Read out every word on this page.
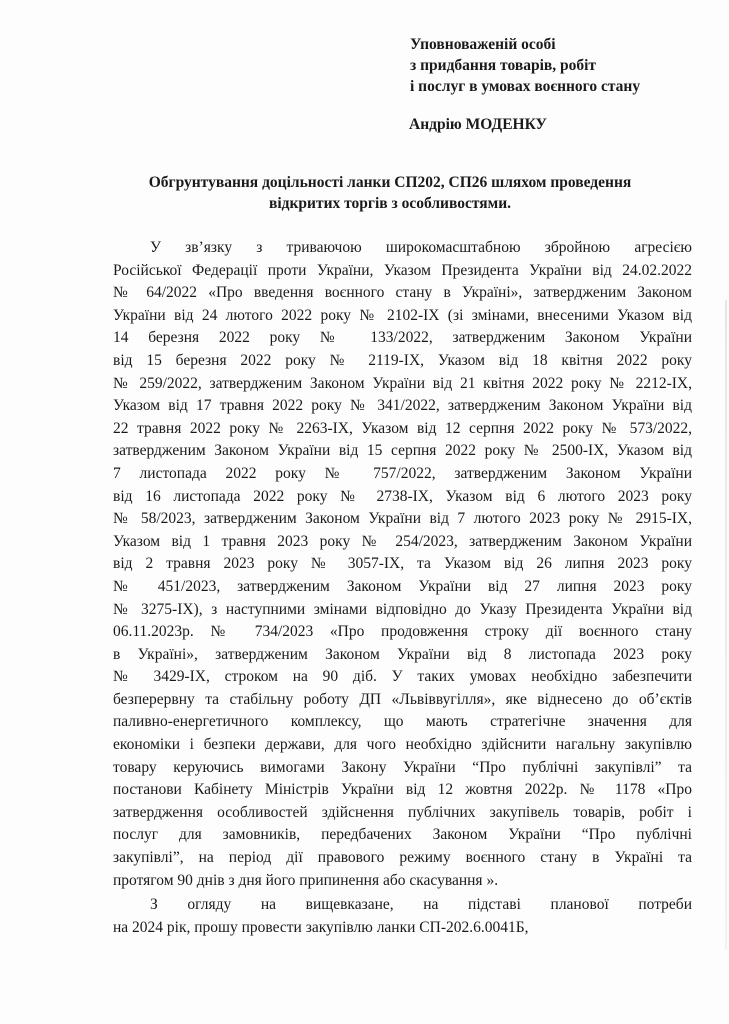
Уповноваженій особі
з придбання товарів, робіт
і послуг в умовах воєнного стану
Андрію МОДЕНКУ
Обгрунтування доцільності ланки СП202, СП26 шляхом проведення
відкритих торгів з особливостями.
У зв’язку з триваючою широкомасштабною збройною агресією
Російської Федерації проти України, Указом Президента України від 24.02.2022
№ 64/2022 «Про введення воєнного стану в Україні», затвердженим Законом
України від 24 лютого 2022 року № 2102-IX (зі змінами, внесеними Указом від
14 березня 2022 року № 133/2022, затвердженим Законом України
від 15 березня 2022 року № 2119-IX, Указом від 18 квітня 2022 року
№ 259/2022, затвердженим Законом України від 21 квітня 2022 року № 2212-IX,
Указом від 17 травня 2022 року № 341/2022, затвердженим Законом України від
22 травня 2022 року № 2263-IX, Указом від 12 серпня 2022 року № 573/2022,
затвердженим Законом України від 15 серпня 2022 року № 2500-IX, Указом від
7 листопада 2022 року № 757/2022, затвердженим Законом України
від 16 листопада 2022 року № 2738-IX, Указом від 6 лютого 2023 року
№ 58/2023, затвердженим Законом України від 7 лютого 2023 року № 2915-IX,
Указом від 1 травня 2023 року № 254/2023, затвердженим Законом України
від 2 травня 2023 року № 3057-IX, та Указом від 26 липня 2023 року
№ 451/2023, затвердженим Законом України від 27 липня 2023 року
№ 3275-IX), з наступними змінами відповідно до Указу Президента України від
06.11.2023р. № 734/2023 «Про продовження строку дії воєнного стану
в Україні», затвердженим Законом України від 8 листопада 2023 року
№ 3429-IX, строком на 90 діб. У таких умовах необхідно забезпечити
безперервну та стабільну роботу ДП «Львіввугілля», яке віднесено до об’єктів
паливно-енергетичного комплексу, що мають стратегічне значення для
економіки і безпеки держави, для чого необхідно здійснити нагальну закупівлю
товару керуючись вимогами Закону України “Про публічні закупівлі” та
постанови Кабінету Міністрів України від 12 жовтня 2022р. № 1178 «Про
затвердження особливостей здійснення публічних закупівель товарів, робіт і
послуг для замовників, передбачених Законом України “Про публічні
закупівлі”, на період дії правового режиму воєнного стану в Україні та
протягом 90 днів з дня його припинення або скасування ».
З огляду на вищевказане, на підставі планової потреби
на 2024 рік, прошу провести закупівлю ланки СП-202.6.0041Б,
